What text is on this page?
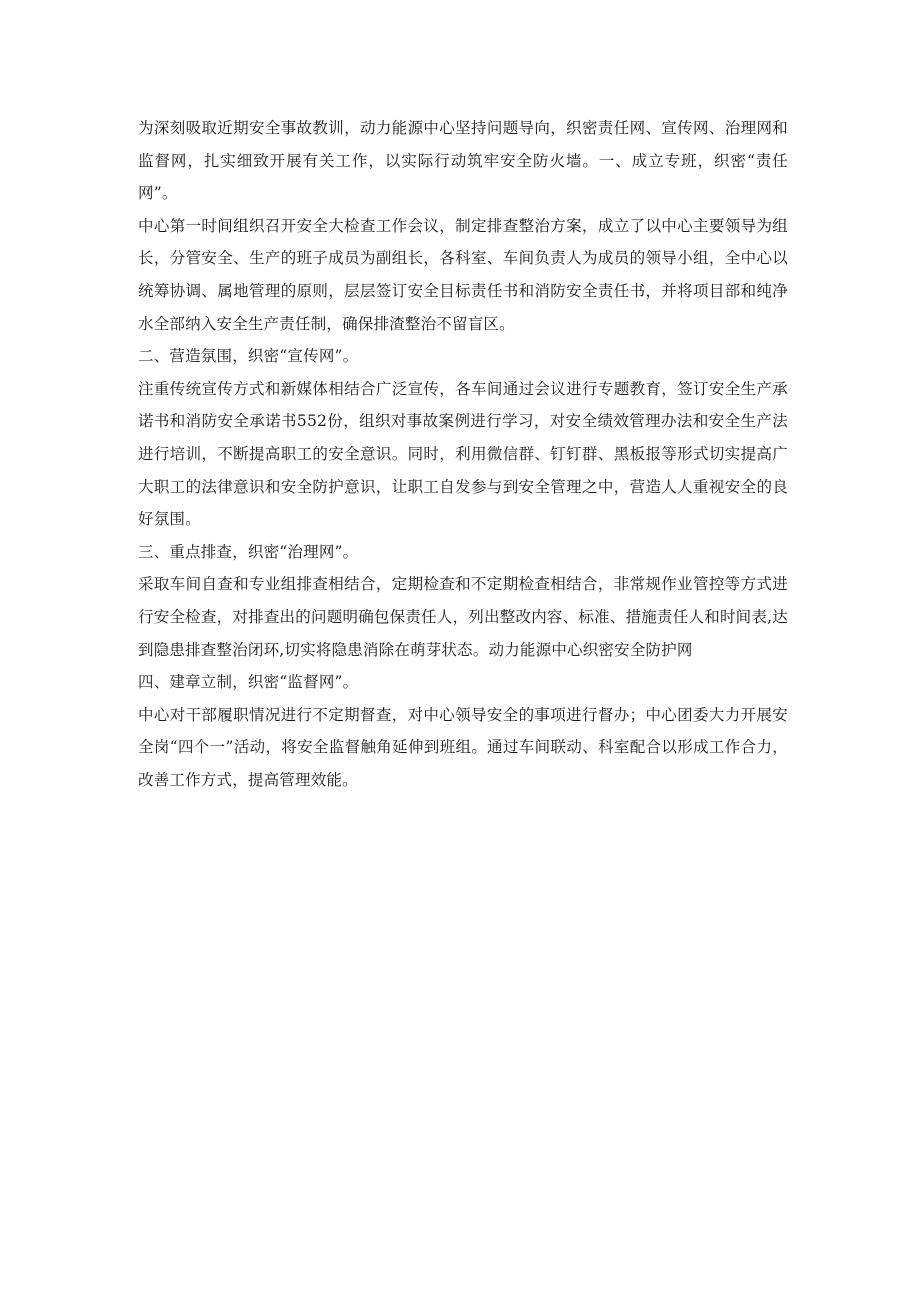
为深刻吸取近期安全事故教训，动力能源中心坚持问题导向，织密责任网、宣传网、治理网和监督网，扎实细致开展有关工作，以实际行动筑牢安全防火墙。一、成立专班，织密“责任网”。

中心第一时间组织召开安全大检查工作会议，制定排查整治方案，成立了以中心主要领导为组长，分管安全、生产的班子成员为副组长，各科室、车间负责人为成员的领导小组，全中心以统筹协调、属地管理的原则，层层签订安全目标责任书和消防安全责任书，并将项目部和纯净水全部纳入安全生产责任制，确保排渣整治不留盲区。

二、营造氛围，织密“宣传网”。

注重传统宣传方式和新媒体相结合广泛宣传，各车间通过会议进行专题教育，签订安全生产承诺书和消防安全承诺书552份，组织对事故案例进行学习，对安全绩效管理办法和安全生产法进行培训，不断提高职工的安全意识。同时，利用微信群、钉钉群、黑板报等形式切实提高广大职工的法律意识和安全防护意识，让职工自发参与到安全管理之中，营造人人重视安全的良好氛围。

三、重点排查，织密“治理网”。

采取车间自查和专业组排查相结合，定期检查和不定期检查相结合，非常规作业管控等方式进行安全检查，对排查出的问题明确包保责任人，列出整改内容、标准、措施责任人和时间表,达到隐患排查整治闭环,切实将隐患消除在萌芽状态。动力能源中心织密安全防护网

四、建章立制，织密“监督网”。

中心对干部履职情况进行不定期督查，对中心领导安全的事项进行督办；中心团委大力开展安全岗“四个一”活动，将安全监督触角延伸到班组。通过车间联动、科室配合以形成工作合力，改善工作方式，提高管理效能。
